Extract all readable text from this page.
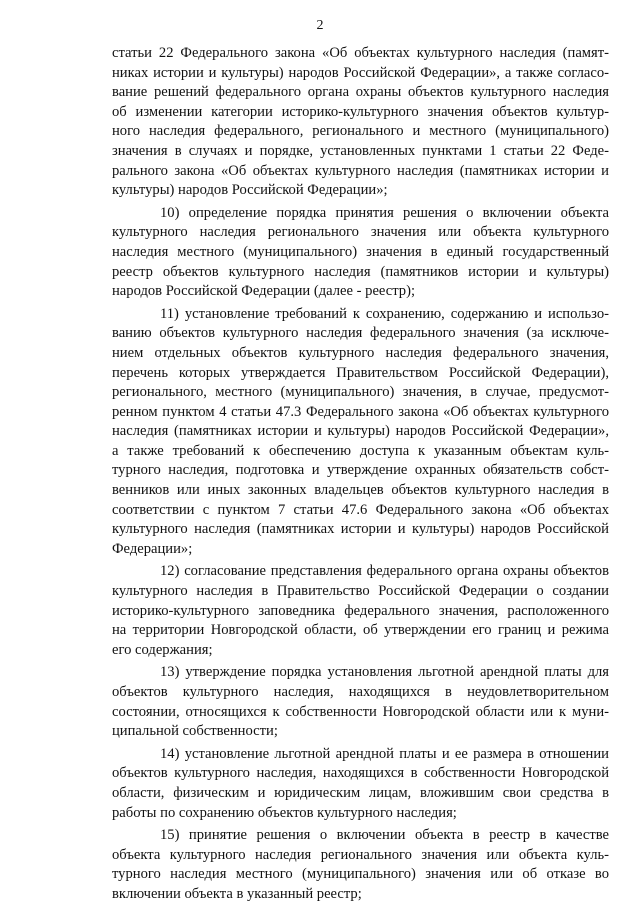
2

статьи 22 Федерального закона «Об объектах культурного наследия (памят-
никах истории и культуры) народов Российской Федерации», а также согласо-
вание решений федерального органа охраны объектов культурного наследия
об изменении категории историко-культурного значения объектов культур-
ного наследия федерального, регионального и местного (муниципального)
значения в случаях и порядке, установленных пунктами 1 статьи 22 Феде-
рального закона «Об объектах культурного наследия (памятниках истории и
культуры) народов Российской Федерации»;

10) определение порядка принятия решения о включении объекта
культурного наследия регионального значения или объекта культурного
наследия местного (муниципального) значения в единый государственный
реестр объектов культурного наследия (памятников истории и культуры)
народов Российской Федерации (далее - реестр);

11) установление требований к сохранению, содержанию и использо-
ванию объектов культурного наследия федерального значения (за исключе-
нием отдельных объектов культурного наследия федерального значения,
перечень которых утверждается Правительством Российской Федерации),
регионального, местного (муниципального) значения, в случае, предусмот-
ренном пунктом 4 статьи 47.3 Федерального закона «Об объектах культурного
наследия (памятниках истории и культуры) народов Российской Федерации»,
а также требований к обеспечению доступа к указанным объектам куль-
турного наследия, подготовка и утверждение охранных обязательств собст-
венников или иных законных владельцев объектов культурного наследия в
соответствии с пунктом 7 статьи 47.6 Федерального закона «Об объектах
культурного наследия (памятниках истории и культуры) народов Российской
Федерации»;

12) согласование представления федерального органа охраны объектов
культурного наследия в Правительство Российской Федерации о создании
историко-культурного заповедника федерального значения, расположенного
на территории Новгородской области, об утверждении его границ и режима
его содержания;

13) утверждение порядка установления льготной арендной платы для
объектов культурного наследия, находящихся в неудовлетворительном
состоянии, относящихся к собственности Новгородской области или к муни-
ципальной собственности;

14) установление льготной арендной платы и ее размера в отношении
объектов культурного наследия, находящихся в собственности Новгородской
области, физическим и юридическим лицам, вложившим свои средства в
работы по сохранению объектов культурного наследия;

15) принятие решения о включении объекта в реестр в качестве
объекта культурного наследия регионального значения или объекта куль-
турного наследия местного (муниципального) значения или об отказе во
включении объекта в указанный реестр;
